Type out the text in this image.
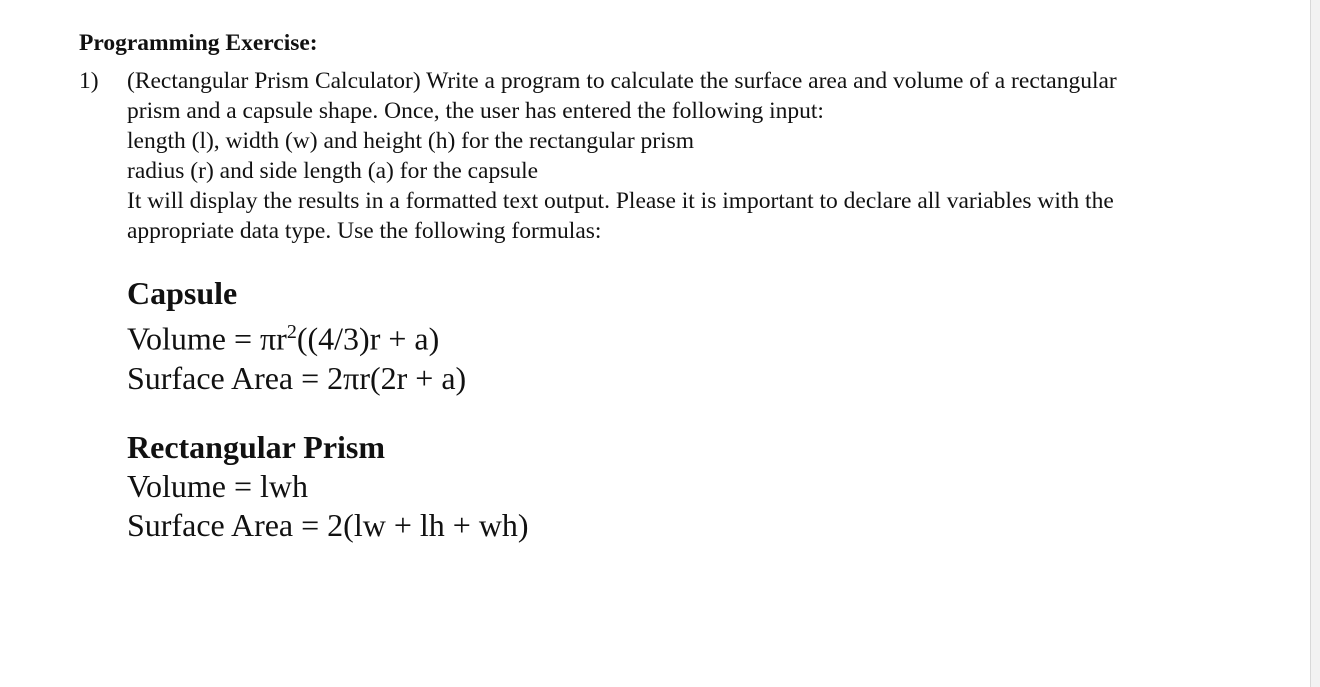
Programming Exercise:
1) (Rectangular Prism Calculator) Write a program to calculate the surface area and volume of a rectangular

prism and a capsule shape. Once, the user has entered the following input:

length (l), width (w) and height (h) for the rectangular prism

radius (r) and side length (a) for the capsule

It will display the results in a formatted text output. Please it is important to declare all variables with the

appropriate data type. Use the following formulas:

Capsule

Volume = $\pi r^2((4/3)r + a)$

Surface Area = 2πr(2r + a)

Rectangular Prism

Volume = lwh

Surface Area = 2(lw + lh + wh)
